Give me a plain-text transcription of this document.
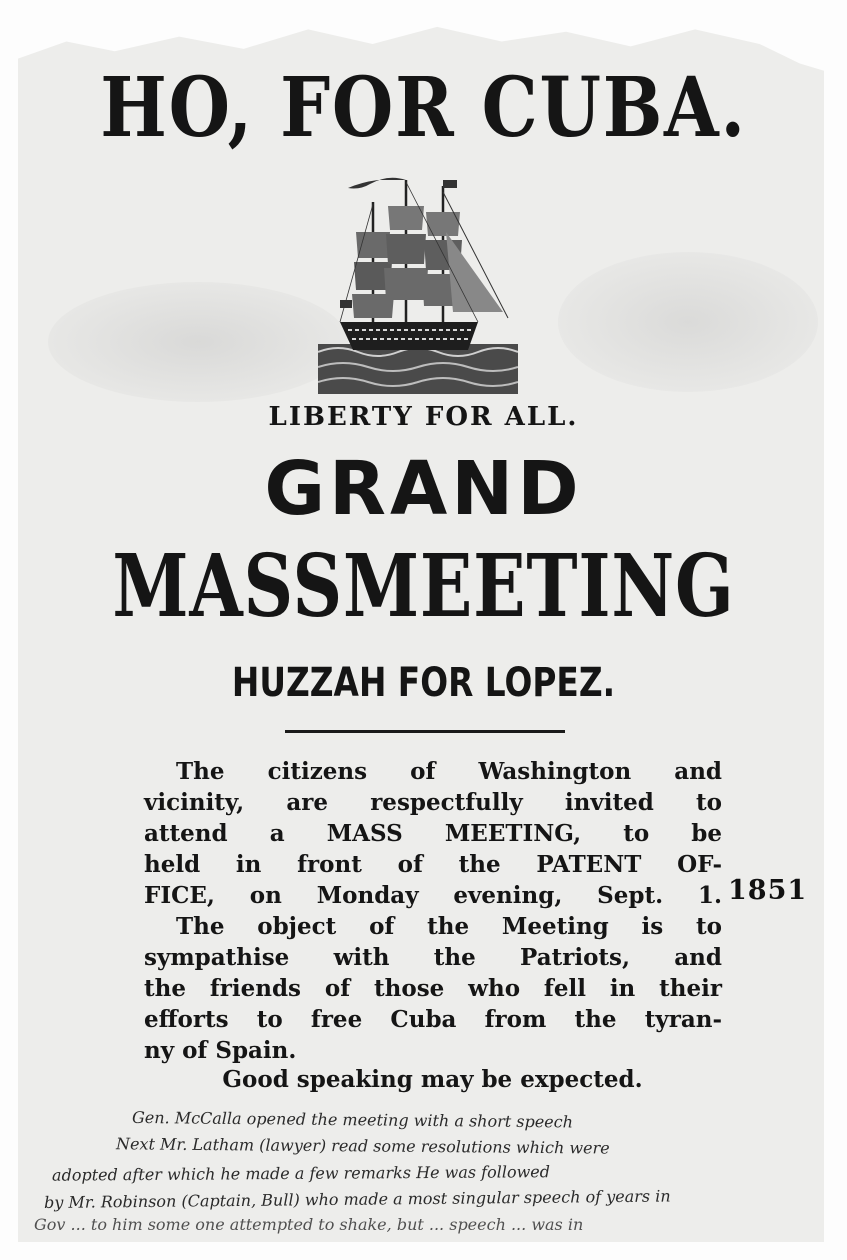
HO, FOR CUBA.
LIBERTY FOR ALL.
GRAND
MASSMEETING
HUZZAH FOR LOPEZ.
The citizens of Washington and
vicinity, are respectfully invited to
attend a MASS MEETING, to be
held in front of the PATENT OF-
FICE, on Monday evening, Sept. 1.
The object of the Meeting is to
sympathise with the Patriots, and
the friends of those who fell in their
efforts to free Cuba from the tyran-
ny of Spain.
1851
Good speaking may be expected.
Gen. McCalla opened the meeting with a short speech
Next Mr. Latham (lawyer) read some resolutions which were
adopted after which he made a few remarks He was followed
by Mr. Robinson (Captain, Bull) who made a most singular speech of years in
Gov ... to him some one attempted to shake, but ... speech ... was in
